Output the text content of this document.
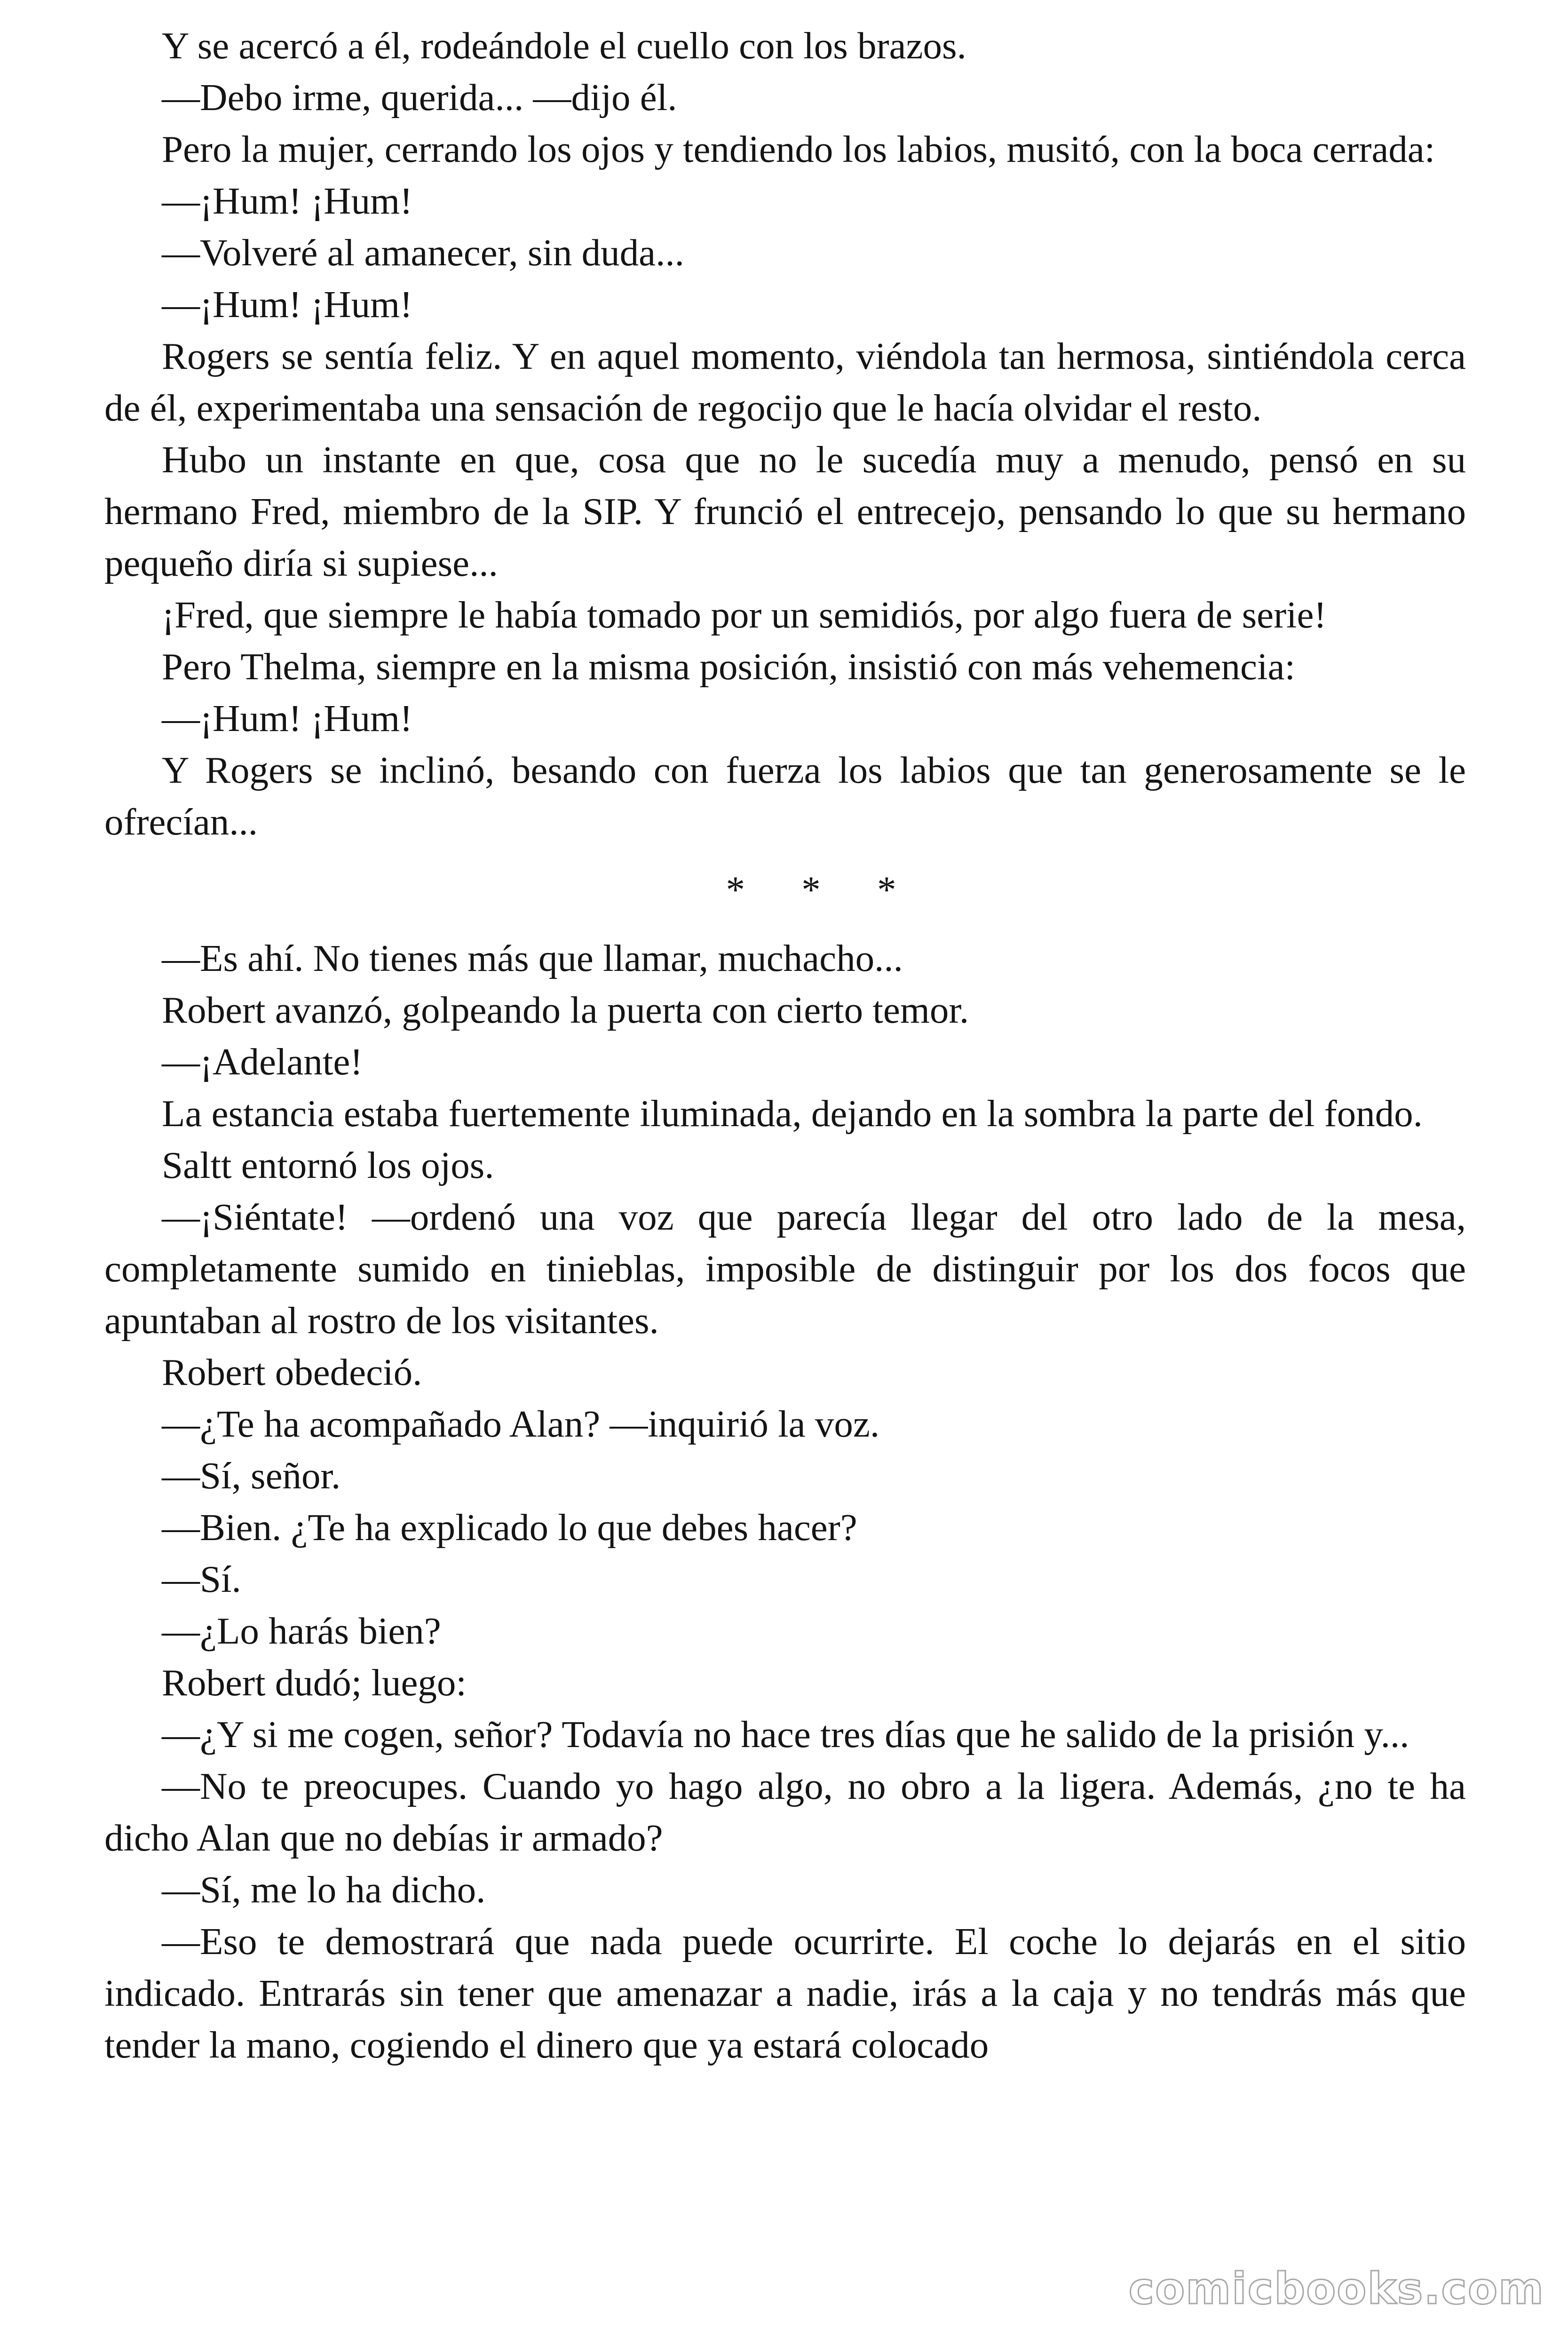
Y se acercó a él, rodeándole el cuello con los brazos.

—Debo irme, querida... —dijo él.

Pero la mujer, cerrando los ojos y tendiendo los labios, musitó, con la boca cerrada:

—¡Hum! ¡Hum!

—Volveré al amanecer, sin duda...

—¡Hum! ¡Hum!

Rogers se sentía feliz. Y en aquel momento, viéndola tan hermosa, sintiéndola cerca de él, experimentaba una sensación de regocijo que le hacía olvidar el resto.

Hubo un instante en que, cosa que no le sucedía muy a menudo, pensó en su hermano Fred, miembro de la SIP. Y frunció el entrecejo, pensando lo que su hermano pequeño diría si supiese...

¡Fred, que siempre le había tomado por un semidiós, por algo fuera de serie!

Pero Thelma, siempre en la misma posición, insistió con más vehemencia:

—¡Hum! ¡Hum!

Y Rogers se inclinó, besando con fuerza los labios que tan generosamente se le ofrecían...

* * *

—Es ahí. No tienes más que llamar, muchacho...

Robert avanzó, golpeando la puerta con cierto temor.

—¡Adelante!

La estancia estaba fuertemente iluminada, dejando en la sombra la parte del fondo.

Saltt entornó los ojos.

—¡Siéntate! —ordenó una voz que parecía llegar del otro lado de la mesa, completamente sumido en tinieblas, imposible de distinguir por los dos focos que apuntaban al rostro de los visitantes.

Robert obedeció.

—¿Te ha acompañado Alan? —inquirió la voz.

—Sí, señor.

—Bien. ¿Te ha explicado lo que debes hacer?

—Sí.

—¿Lo harás bien?

Robert dudó; luego:

—¿Y si me cogen, señor? Todavía no hace tres días que he salido de la prisión y...

—No te preocupes. Cuando yo hago algo, no obro a la ligera. Además, ¿no te ha dicho Alan que no debías ir armado?

—Sí, me lo ha dicho.

—Eso te demostrará que nada puede ocurrirte. El coche lo dejarás en el sitio indicado. Entrarás sin tener que amenazar a nadie, irás a la caja y no tendrás más que tender la mano, cogiendo el dinero que ya estará colocado

comicbooks.com
